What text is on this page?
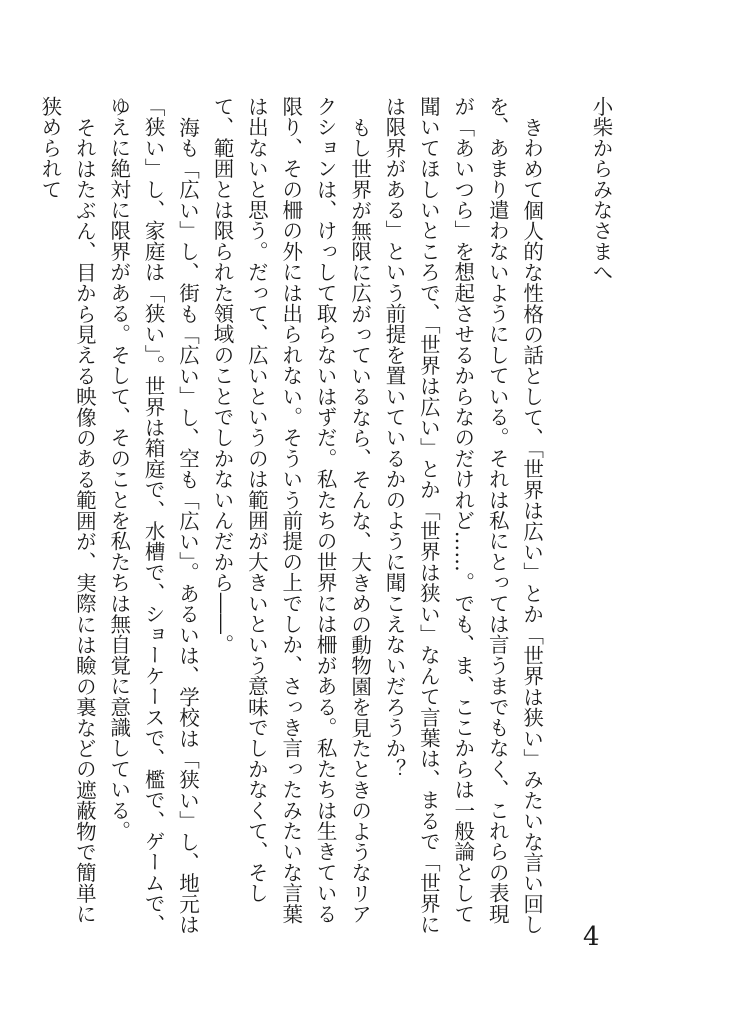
小柴からみなさまへ
きわめて個人的な性格の話として、「世界は広い」とか「世界は狭い」みたいな言い回しを、あまり遣わないようにしている。それは私にとっては言うまでもなく、これらの表現が「あいつら」を想起させるからなのだけれど……。でも、ま、ここからは一般論として聞いてほしいところで、「世界は広い」とか「世界は狭い」なんて言葉は、まるで「世界には限界がある」という前提を置いているかのように聞こえないだろうか？
もし世界が無限に広がっているなら、そんな、大きめの動物園を見たときのようなリアクションは、けっして取らないはずだ。私たちの世界には柵がある。私たちは生きている限り、その柵の外には出られない。そういう前提の上でしか、さっき言ったみたいな言葉は出ないと思う。だって、広いというのは範囲が大きいという意味でしかなくて、そして、範囲とは限られた領域のことでしかないんだから――。
海も「広い」し、街も「広い」し、空も「広い」。あるいは、学校は「狭い」し、地元は「狭い」し、家庭は「狭い」。世界は箱庭で、水槽で、ショーケースで、檻で、ゲームで、ゆえに絶対に限界がある。そして、そのことを私たちは無自覚に意識している。
それはたぶん、目から見える映像のある範囲が、実際には瞼の裏などの遮蔽物で簡単に狭められて
4
